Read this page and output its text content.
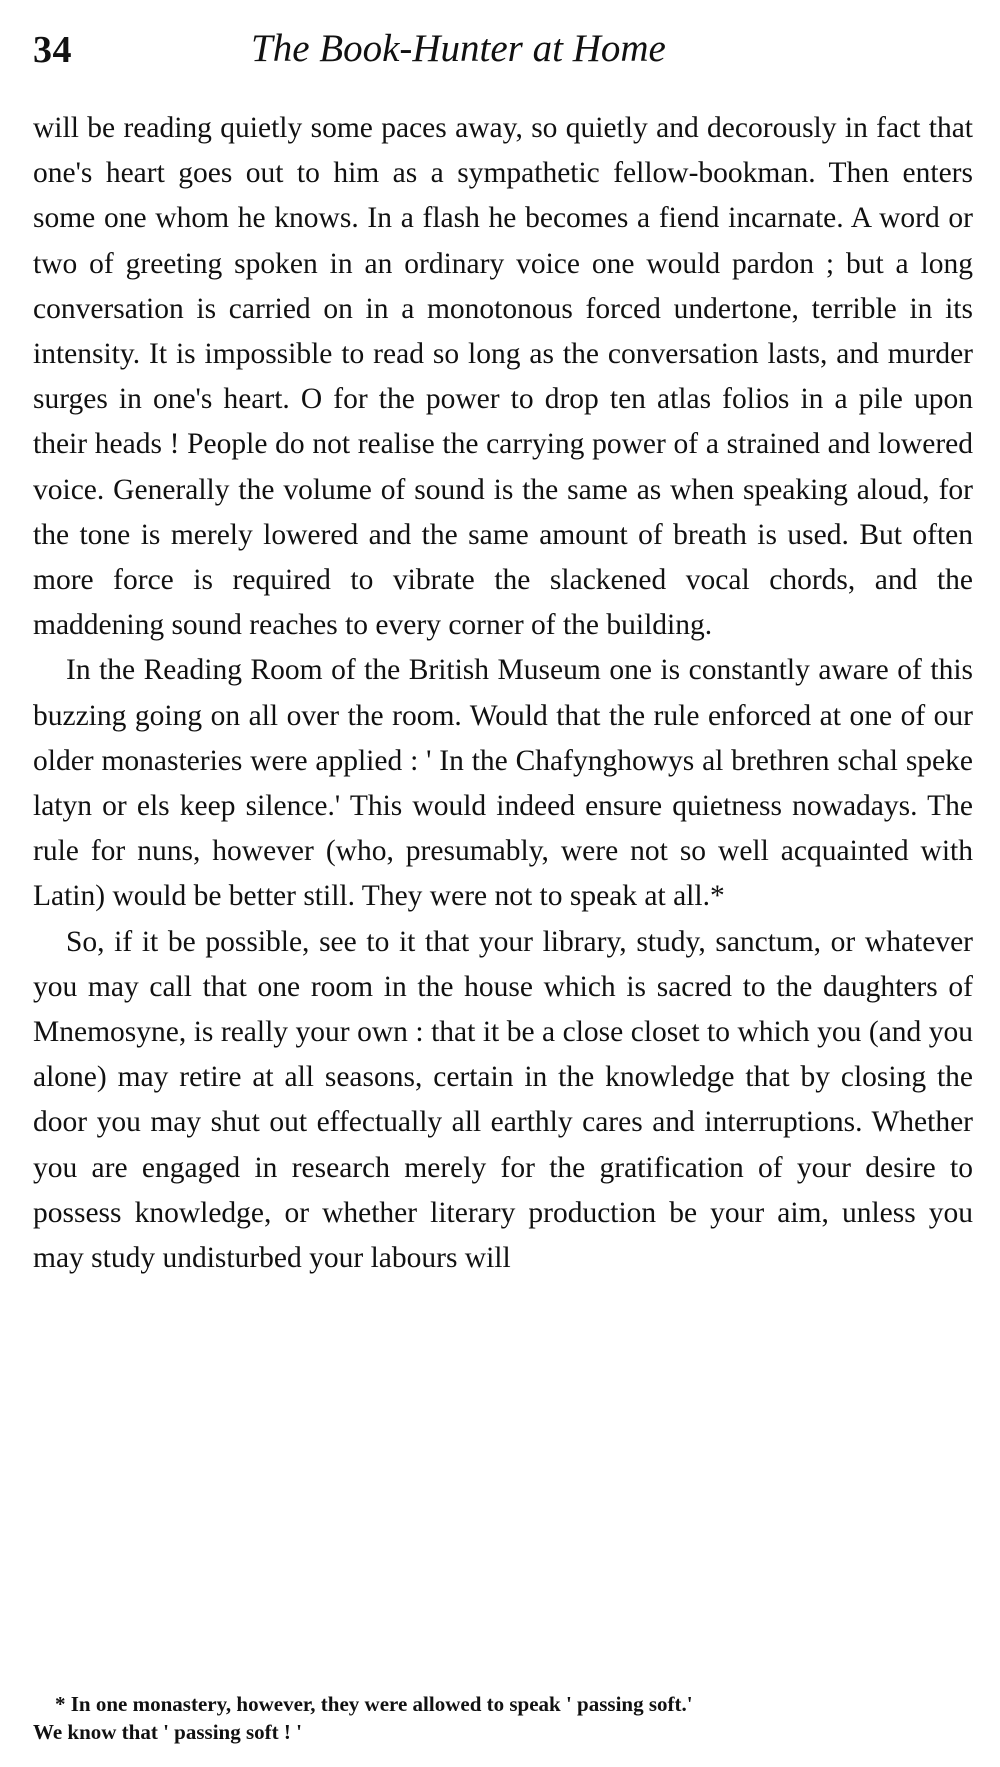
34	The Book-Hunter at Home

will be reading quietly some paces away, so quietly and decorously in fact that one's heart goes out to him as a sympathetic fellow-bookman. Then enters some one whom he knows. In a flash he becomes a fiend incarnate. A word or two of greeting spoken in an ordinary voice one would pardon ; but a long conversation is carried on in a monotonous forced undertone, terrible in its intensity. It is impossible to read so long as the conversation lasts, and murder surges in one's heart. O for the power to drop ten atlas folios in a pile upon their heads ! People do not realise the carrying power of a strained and lowered voice. Generally the volume of sound is the same as when speaking aloud, for the tone is merely lowered and the same amount of breath is used. But often more force is required to vibrate the slackened vocal chords, and the maddening sound reaches to every corner of the building.

In the Reading Room of the British Museum one is constantly aware of this buzzing going on all over the room. Would that the rule enforced at one of our older monasteries were applied : ' In the Chafynghowys al brethren schal speke latyn or els keep silence.' This would indeed ensure quietness nowadays. The rule for nuns, however (who, presumably, were not so well acquainted with Latin) would be better still. They were not to speak at all.*

So, if it be possible, see to it that your library, study, sanctum, or whatever you may call that one room in the house which is sacred to the daughters of Mnemosyne, is really your own : that it be a close closet to which you (and you alone) may retire at all seasons, certain in the knowledge that by closing the door you may shut out effectually all earthly cares and interruptions. Whether you are engaged in research merely for the gratification of your desire to possess knowledge, or whether literary production be your aim, unless you may study undisturbed your labours will

* In one monastery, however, they were allowed to speak ' passing soft.'
We know that ' passing soft ! '
